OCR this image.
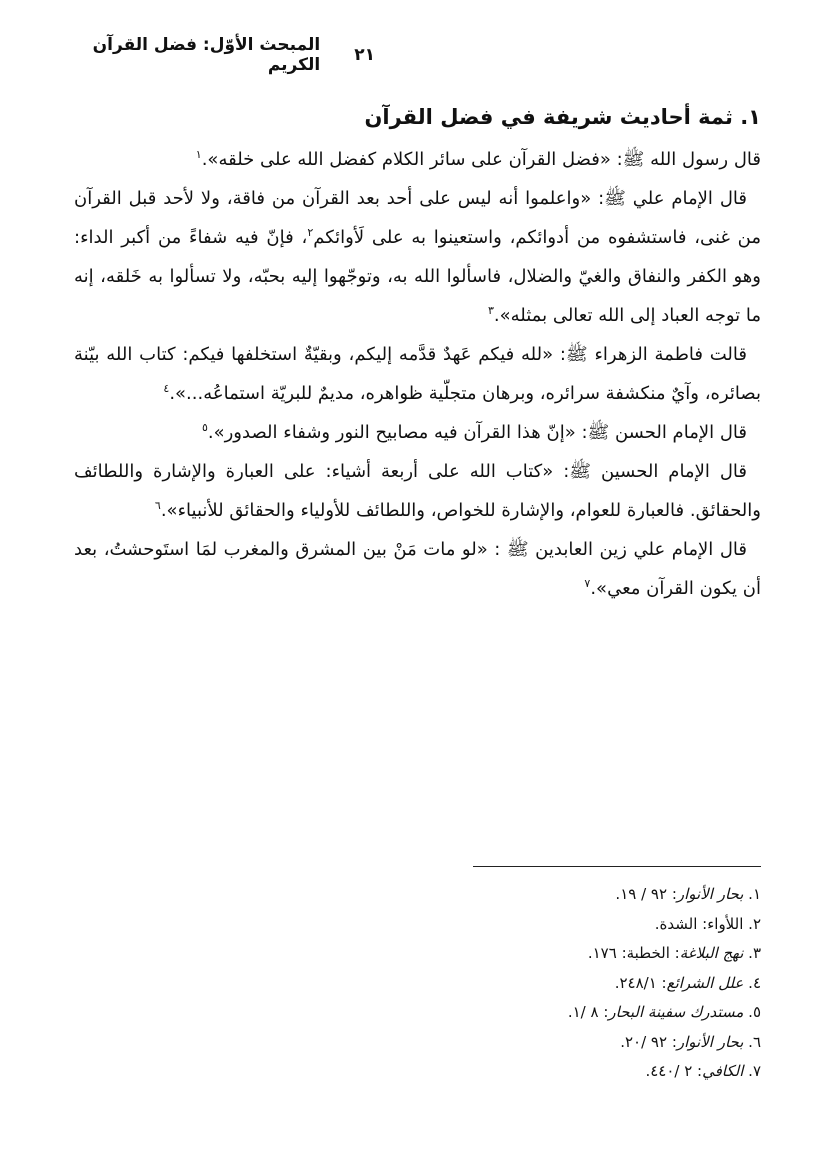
٢١
المبحث الأوّل: فضل القرآن الكريم
١. ثمة أحاديث شريفة في فضل القرآن

قال رسول الله ﷺ: «فضل القرآن على سائر الكلام كفضل الله على خلقه».$^١$

قال الإمام علي ﷺ: «واعلموا أنه ليس على أحد بعد القرآن من فاقة، ولا لأحد قبل القرآن من غنى، فاستشفوه من أدوائكم، واستعينوا به على لَأوائكم$^٢$، فإنّ فيه شفاءً من أكبر الداء: وهو الكفر والنفاق والغيّ والضلال، فاسألوا الله به، وتوجّهوا إليه بحبّه، ولا تسألوا به خَلقه، إنه ما توجه العباد إلى الله تعالى بمثله».$^٣$

قالت فاطمة الزهراء ﷺ: «لله فيكم عَهدٌ قدَّمه إليكم، وبقيّةٌ استخلفها فيكم: كتاب الله بيّنة بصائره، وآيٌ منكشفة سرائره، وبرهان متجلّية ظواهره، مديمٌ للبريّة استماعُه...».$^٤$

قال الإمام الحسن ﷺ: «إنّ هذا القرآن فيه مصابيح النور وشفاء الصدور».$^٥$

قال الإمام الحسين ﷺ: «كتاب الله على أربعة أشياء: على العبارة والإشارة واللطائف والحقائق. فالعبارة للعوام، والإشارة للخواص، واللطائف للأولياء والحقائق للأنبياء».$^٦$

قال الإمام علي زين العابدين ﷺ : «لو مات مَنْ بين المشرق والمغرب لمَا استَوحشتُ، بعد أن يكون القرآن معي».$^٧$

١. بحار الأنوار: ٩٢ / ١٩.

٢. اللأواء: الشدة.

٣. نهج البلاغة: الخطبة: ١٧٦.

٤. علل الشرائع: ٢٤٨/١.

٥. مستدرك سفينة البحار: ٨ /١.

٦. بحار الأنوار: ٩٢ /٢٠.

٧. الكافي: ٢ /٤٤٠.
